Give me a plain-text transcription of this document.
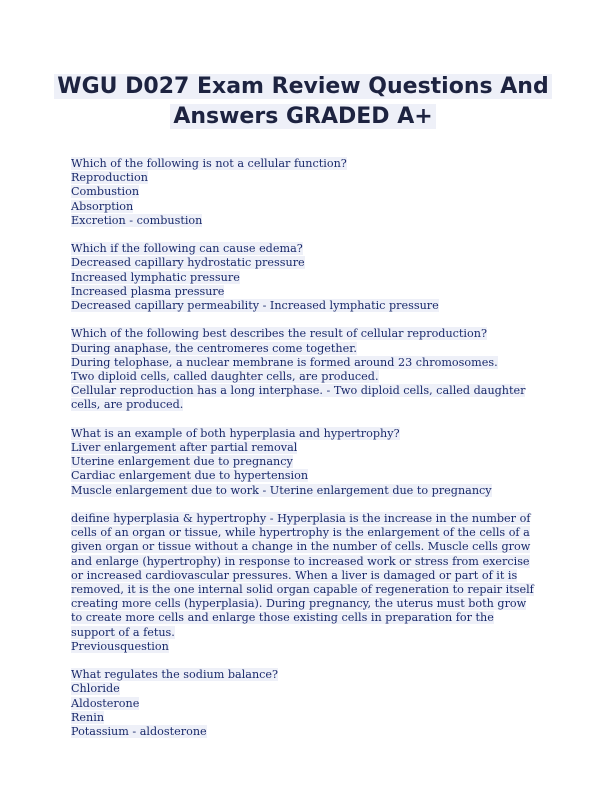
WGU D027 Exam Review Questions And
Answers GRADED A+
Which of the following is not a cellular function?
Reproduction
Combustion
Absorption
Excretion - combustion
Which if the following can cause edema?
Decreased capillary hydrostatic pressure
Increased lymphatic pressure
Increased plasma pressure
Decreased capillary permeability - Increased lymphatic pressure
Which of the following best describes the result of cellular reproduction?
During anaphase, the centromeres come together.
During telophase, a nuclear membrane is formed around 23 chromosomes.
Two diploid cells, called daughter cells, are produced.
Cellular reproduction has a long interphase. - Two diploid cells, called daughter cells, are produced.
What is an example of both hyperplasia and hypertrophy?
Liver enlargement after partial removal
Uterine enlargement due to pregnancy
Cardiac enlargement due to hypertension
Muscle enlargement due to work - Uterine enlargement due to pregnancy
deifine hyperplasia & hypertrophy - Hyperplasia is the increase in the number of cells of an organ or tissue, while hypertrophy is the enlargement of the cells of a given organ or tissue without a change in the number of cells. Muscle cells grow and enlarge (hypertrophy) in response to increased work or stress from exercise or increased cardiovascular pressures. When a liver is damaged or part of it is removed, it is the one internal solid organ capable of regeneration to repair itself creating more cells (hyperplasia). During pregnancy, the uterus must both grow to create more cells and enlarge those existing cells in preparation for the support of a fetus.
Previousquestion
What regulates the sodium balance?
Chloride
Aldosterone
Renin
Potassium - aldosterone
